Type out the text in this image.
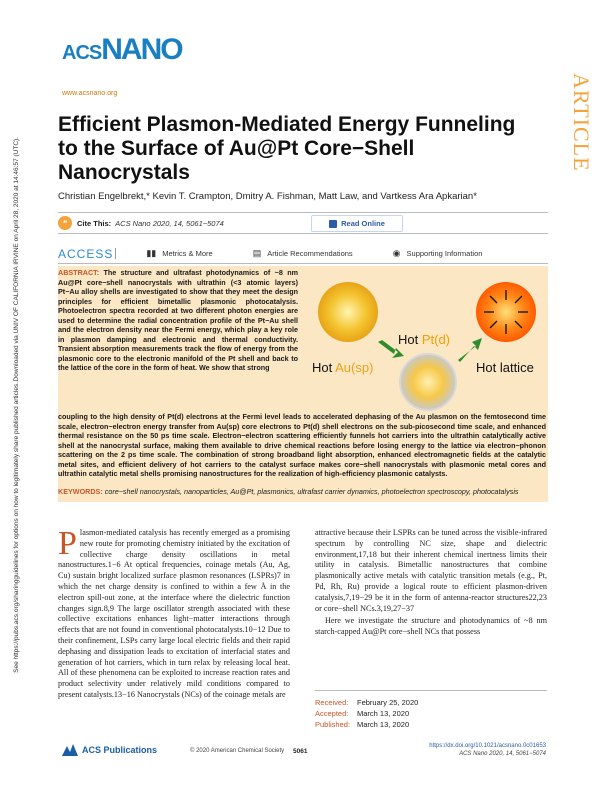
ACSNANO
www.acsnano.org	ARTICLE
Downloaded via UNIV OF CALIFORNIA IRVINE on April 28, 2020 at 14:46:57 (UTC).
See https://pubs.acs.org/sharingguidelines for options on how to legitimately share published articles.
Efficient Plasmon-Mediated Energy Funneling to the Surface of Au@Pt Core−Shell Nanocrystals
Christian Engelbrekt,* Kevin T. Crampton, Dmitry A. Fishman, Matt Law, and Vartkess Ara Apkarian*
❝	Cite This: ACS Nano 2020, 14, 5061−5074	Read Online
ACCESS	▮▮ Metrics & More	▤ Article Recommendations	◉ Supporting Information
ABSTRACT: The structure and ultrafast photodynamics of ~8 nm Au@Pt core−shell nanocrystals with ultrathin (<3 atomic layers) Pt−Au alloy shells are investigated to show that they meet the design principles for efficient bimetallic plasmonic photocatalysis. Photoelectron spectra recorded at two different photon energies are used to determine the radial concentration profile of the Pt−Au shell and the electron density near the Fermi energy, which play a key role in plasmon damping and electronic and thermal conductivity. Transient absorption measurements track the flow of energy from the plasmonic core to the electronic manifold of the Pt shell and back to the lattice of the core in the form of heat. We show that strong	Hot Au(sp)
Hot Pt(d)
Hot lattice
coupling to the high density of Pt(d) electrons at the Fermi level leads to accelerated dephasing of the Au plasmon on the femtosecond time scale, electron−electron energy transfer from Au(sp) core electrons to Pt(d) shell electrons on the sub-picosecond time scale, and enhanced thermal resistance on the 50 ps time scale. Electron−electron scattering efficiently funnels hot carriers into the ultrathin catalytically active shell at the nanocrystal surface, making them available to drive chemical reactions before losing energy to the lattice via electron−phonon scattering on the 2 ps time scale. The combination of strong broadband light absorption, enhanced electromagnetic fields at the catalytic metal sites, and efficient delivery of hot carriers to the catalyst surface makes core−shell nanocrystals with plasmonic metal cores and ultrathin catalytic metal shells promising nanostructures for the realization of high-efficiency plasmonic catalysts.
KEYWORDS: core−shell nanocrystals, nanoparticles, Au@Pt, plasmonics, ultrafast carrier dynamics, photoelectron spectroscopy, photocatalysis
P lasmon-mediated catalysis has recently emerged as a promising new route for promoting chemistry initiated by the excitation of collective charge density oscillations in metal nanostructures.1−6 At optical frequencies, coinage metals (Au, Ag, Cu) sustain bright localized surface plasmon resonances (LSPRs)7 in which the net charge density is confined to within a few Å in the electron spill-out zone, at the interface where the dielectric function changes sign.8,9 The large oscillator strength associated with these collective excitations enhances light−matter interactions through effects that are not found in conventional photocatalysts.10−12 Due to their confinement, LSPs carry large local electric fields and their rapid dephasing and dissipation leads to excitation of interfacial states and generation of hot carriers, which in turn relax by releasing local heat. All of these phenomena can be exploited to increase reaction rates and product selectivity under relatively mild conditions compared to present catalysts.13−16 Nanocrystals (NCs) of the coinage metals are

attractive because their LSPRs can be tuned across the visible-infrared spectrum by controlling NC size, shape and dielectric environment,17,18 but their inherent chemical inertness limits their utility in catalysis. Bimetallic nanostructures that combine plasmonically active metals with catalytic transition metals (e.g., Pt, Pd, Rh, Ru) provide a logical route to efficient plasmon-driven catalysis,7,19−29 be it in the form of antenna-reactor structures22,23 or core−shell NCs.3,19,27−37

Here we investigate the structure and photodynamics of ~8 nm starch-capped Au@Pt core−shell NCs that possess

Received:	February 25, 2020
Accepted:	March 13, 2020
Published: March 13, 2020
ACS Publications	© 2020 American Chemical Society 5061
https://dx.doi.org/10.1021/acsnano.0c01653
ACS Nano 2020, 14, 5061−5074
